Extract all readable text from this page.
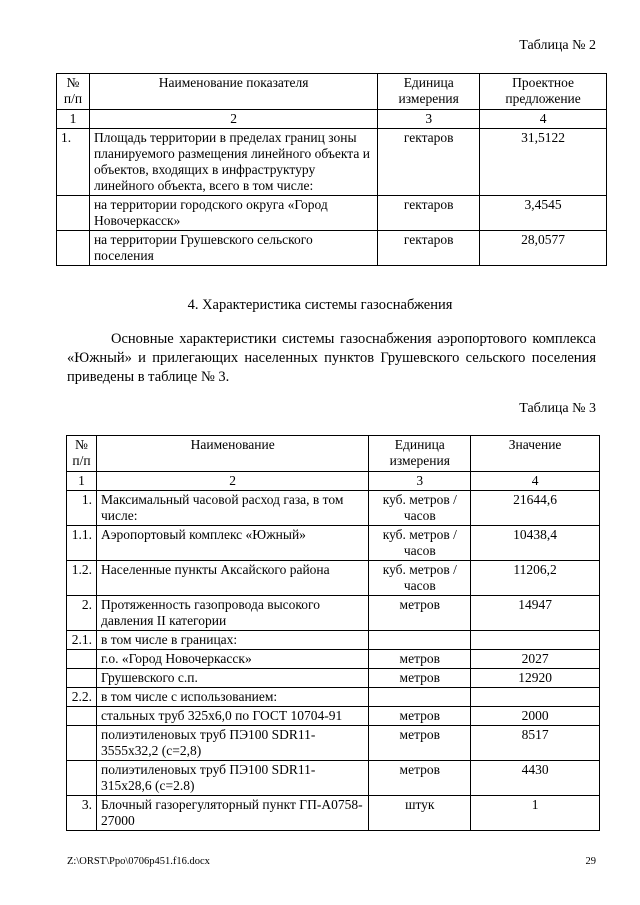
Таблица № 2
№ п/п	Наименование показателя	Единица измерения	Проектное предложение
1	2	3	4
1.	Площадь территории в пределах границ зоны планируемого размещения линейного объекта и объектов, входящих в инфраструктуру линейного объекта, всего в том числе:	гектаров	31,5122
	на территории городского округа «Город Новочеркасск»	гектаров	3,4545
	на территории Грушевского сельского поселения	гектаров	28,0577
4. Характеристика системы газоснабжения
Основные характеристики системы газоснабжения аэропортового комплекса «Южный» и прилегающих населенных пунктов Грушевского сельского поселения приведены в таблице № 3.
Таблица № 3
№ п/п	Наименование	Единица измерения	Значение
1	2	3	4
1.	Максимальный часовой расход газа, в том числе:	куб. метров / часов	21644,6
1.1.	Аэропортовый комплекс «Южный»	куб. метров / часов	10438,4
1.2.	Населенные пункты Аксайского района	куб. метров / часов	11206,2
2.	Протяженность газопровода высокого давления II категории	метров	14947
2.1.	в том числе в границах:		
	г.о. «Город Новочеркасск»	метров	2027
	Грушевского с.п.	метров	12920
2.2.	в том числе с использованием:		
	стальных труб 325х6,0 по ГОСТ 10704-91	метров	2000
	полиэтиленовых труб ПЭ100 SDR11-3555x32,2 (с=2,8)	метров	8517
	полиэтиленовых труб ПЭ100 SDR11-315x28,6 (с=2.8)	метров	4430
3.	Блочный газорегуляторный пункт ГП-А0758-27000	штук	1
Z:\ORST\Ppo\0706p451.f16.docx	29
